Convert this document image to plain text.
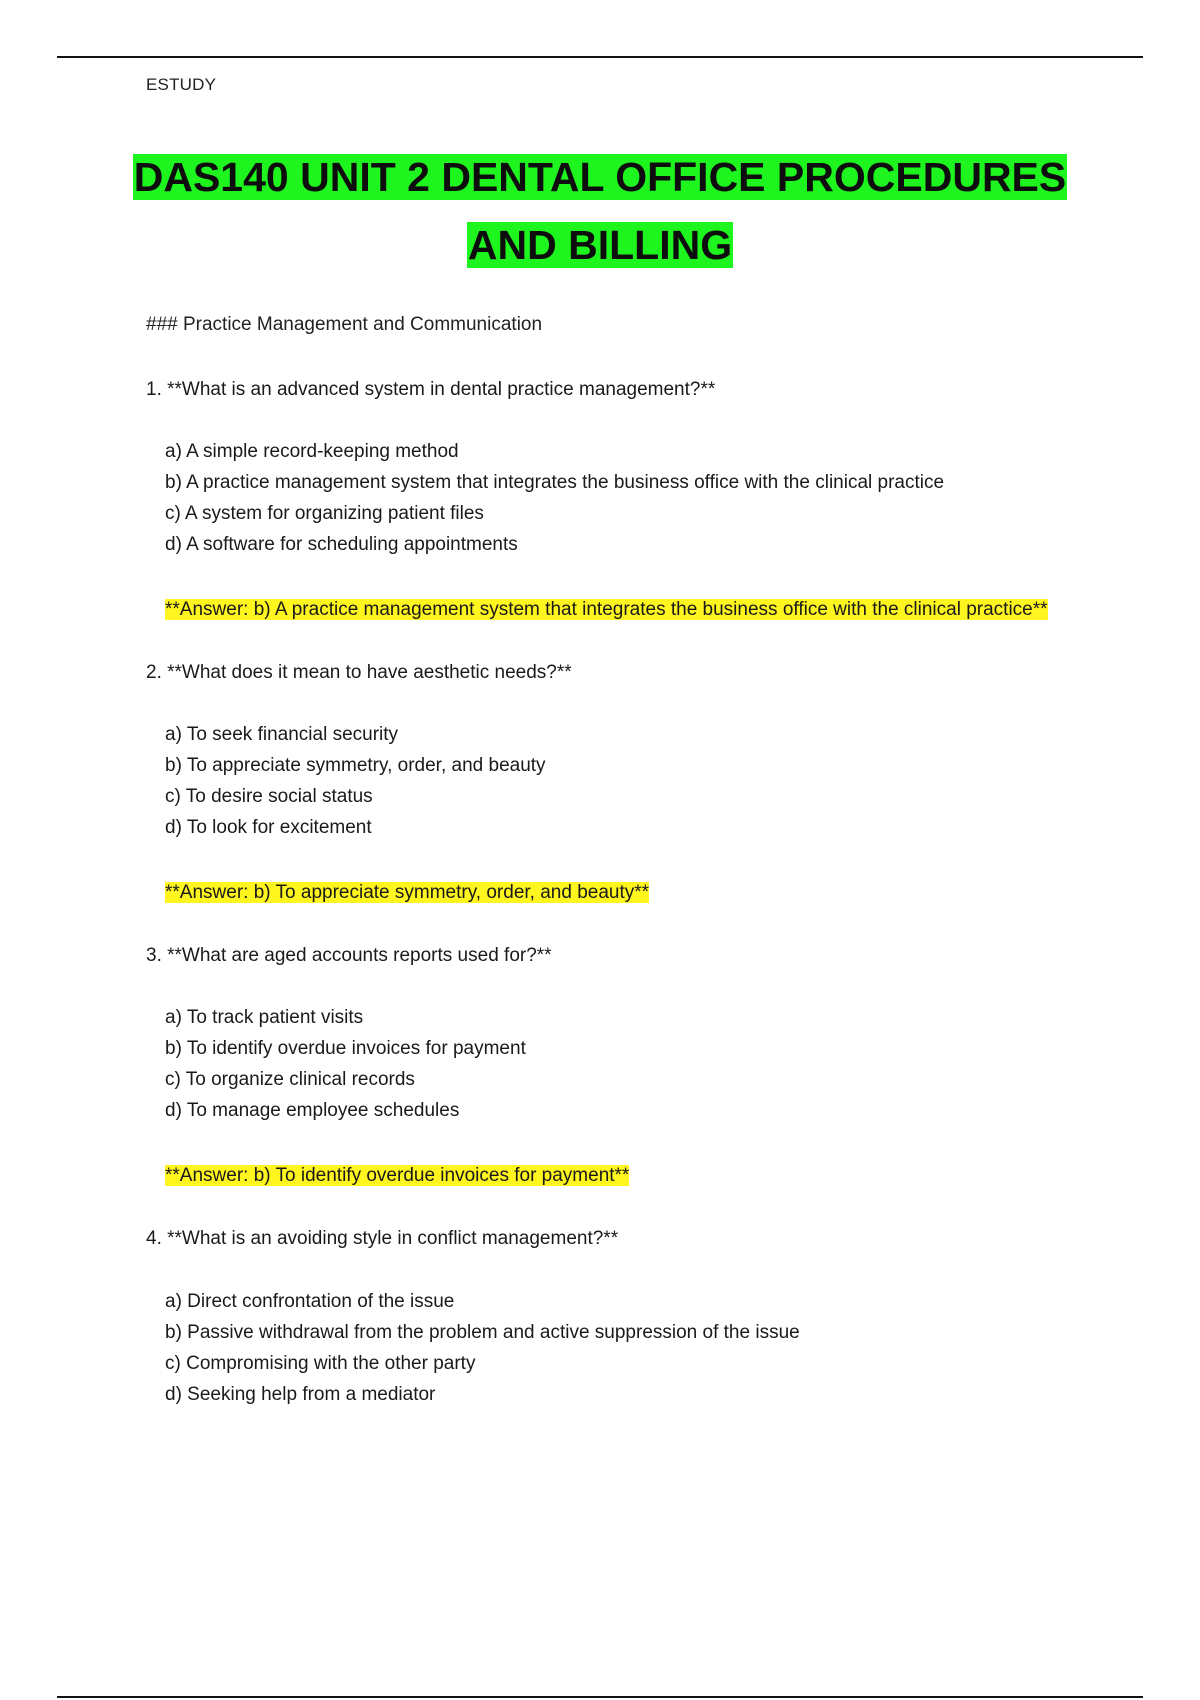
ESTUDY
DAS140 UNIT 2 DENTAL OFFICE PROCEDURES
AND BILLING
### Practice Management and Communication

1. **What is an advanced system in dental practice management?**

a) A simple record-keeping method
b) A practice management system that integrates the business office with the clinical practice
c) A system for organizing patient files
d) A software for scheduling appointments

**Answer: b) A practice management system that integrates the business office with the clinical practice**

2. **What does it mean to have aesthetic needs?**

a) To seek financial security
b) To appreciate symmetry, order, and beauty
c) To desire social status
d) To look for excitement

**Answer: b) To appreciate symmetry, order, and beauty**

3. **What are aged accounts reports used for?**

a) To track patient visits
b) To identify overdue invoices for payment
c) To organize clinical records
d) To manage employee schedules

**Answer: b) To identify overdue invoices for payment**

4. **What is an avoiding style in conflict management?**

a) Direct confrontation of the issue
b) Passive withdrawal from the problem and active suppression of the issue
c) Compromising with the other party
d) Seeking help from a mediator
